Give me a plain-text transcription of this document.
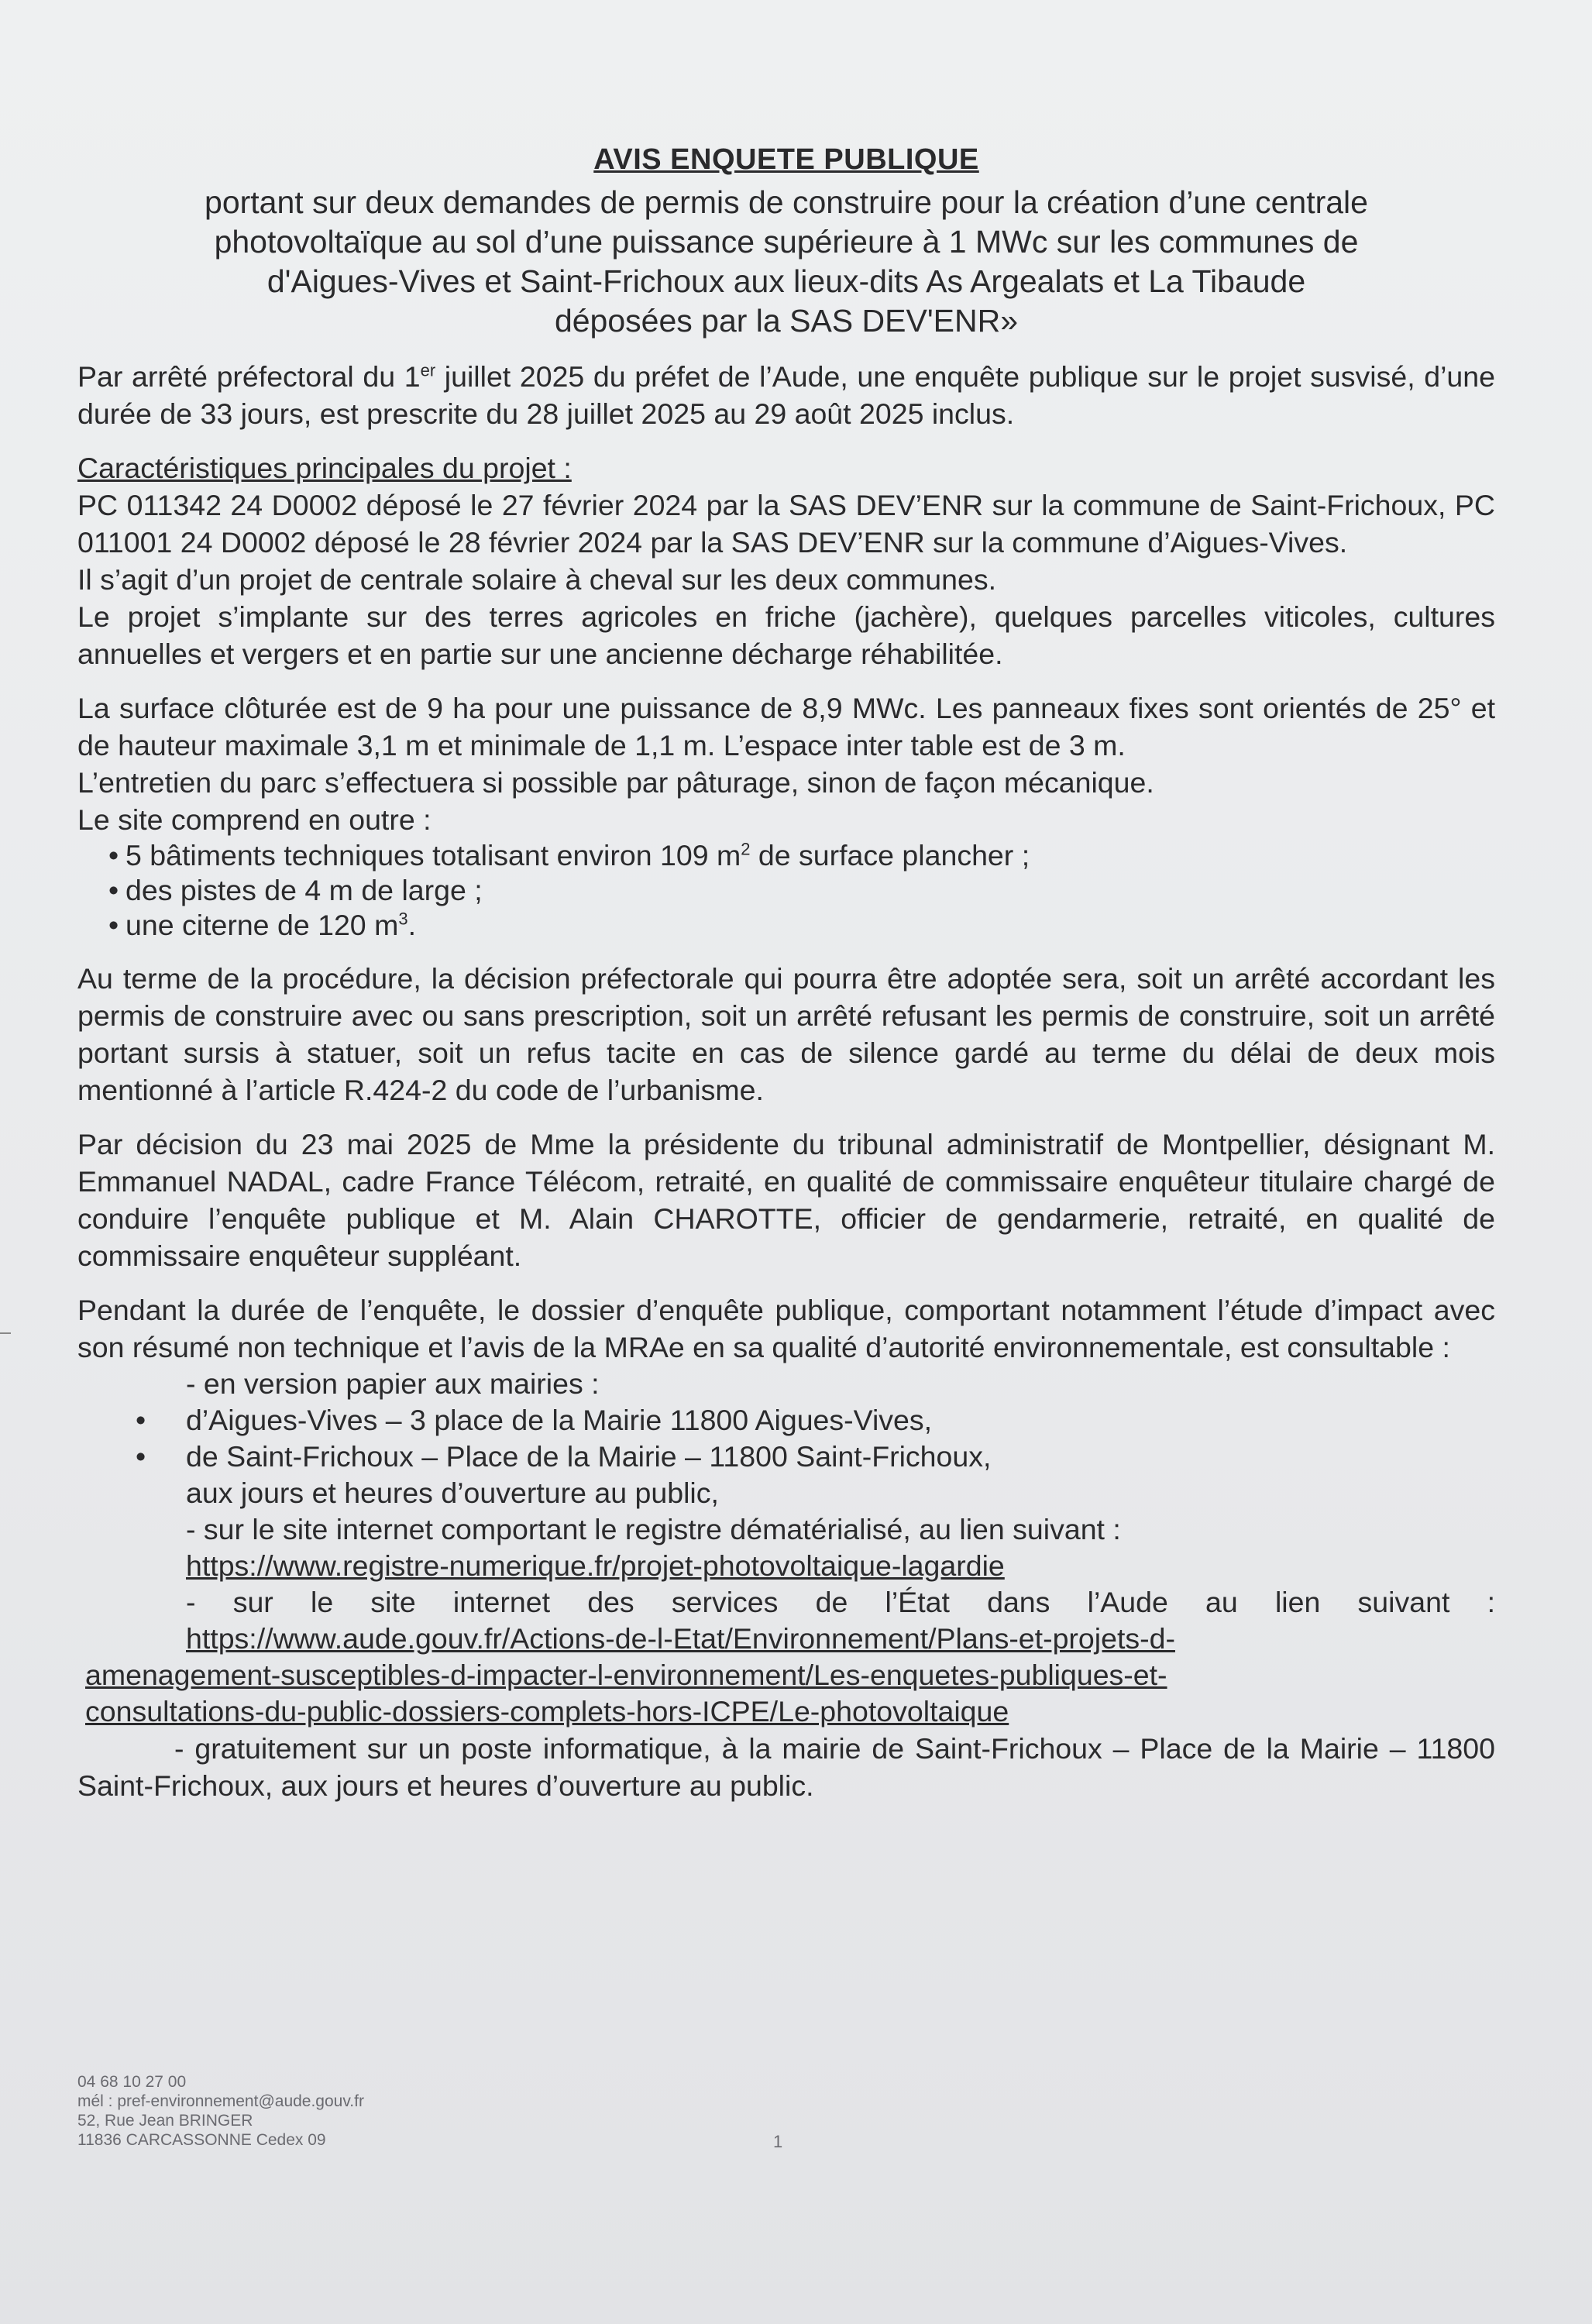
AVIS ENQUETE PUBLIQUE
portant sur deux demandes de permis de construire pour la création d’une centrale
photovoltaïque au sol d’une puissance supérieure à 1 MWc sur les communes de
d'Aigues-Vives et Saint-Frichoux aux lieux-dits As Argealats et La Tibaude
déposées par la SAS DEV'ENR»

Par arrêté préfectoral du 1er juillet 2025 du préfet de l’Aude, une enquête publique sur le projet susvisé, d’une durée de 33 jours, est prescrite du 28 juillet 2025 au 29 août 2025 inclus.

Caractéristiques principales du projet :

PC 011342 24 D0002 déposé le 27 février 2024 par la SAS DEV’ENR sur la commune de Saint-Frichoux, PC 011001 24 D0002 déposé le 28 février 2024 par la SAS DEV’ENR sur la commune d’Aigues-Vives.

Il s’agit d’un projet de centrale solaire à cheval sur les deux communes.

Le projet s’implante sur des terres agricoles en friche (jachère), quelques parcelles viticoles, cultures annuelles et vergers et en partie sur une ancienne décharge réhabilitée.

La surface clôturée est de 9 ha pour une puissance de 8,9 MWc. Les panneaux fixes sont orientés de 25° et de hauteur maximale 3,1 m et minimale de 1,1 m. L’espace inter table est de 3 m.

L’entretien du parc s’effectuera si possible par pâturage, sinon de façon mécanique.

Le site comprend en outre :

• 5 bâtiments techniques totalisant environ 109 $m^2$ de surface plancher ;
• des pistes de 4 m de large ;
• une citerne de 120 $m^3$.

Au terme de la procédure, la décision préfectorale qui pourra être adoptée sera, soit un arrêté accordant les permis de construire avec ou sans prescription, soit un arrêté refusant les permis de construire, soit un arrêté portant sursis à statuer, soit un refus tacite en cas de silence gardé au terme du délai de deux mois mentionné à l’article R.424-2 du code de l’urbanisme.

Par décision du 23 mai 2025 de Mme la présidente du tribunal administratif de Montpellier, désignant M. Emmanuel NADAL, cadre France Télécom, retraité, en qualité de commissaire enquêteur titulaire chargé de conduire l’enquête publique et M. Alain CHAROTTE, officier de gendarmerie, retraité, en qualité de commissaire enquêteur suppléant.

Pendant la durée de l’enquête, le dossier d’enquête publique, comportant notamment l’étude d’impact avec son résumé non technique et l’avis de la MRAe en sa qualité d’autorité environnementale, est consultable :

- en version papier aux mairies :
• d’Aigues-Vives – 3 place de la Mairie 11800 Aigues-Vives,
• de Saint-Frichoux – Place de la Mairie – 11800 Saint-Frichoux,
aux jours et heures d’ouverture au public,
- sur le site internet comportant le registre dématérialisé, au lien suivant :
https://www.registre-numerique.fr/projet-photovoltaique-lagardie
- sur le site internet des services de l’État dans l’Aude au lien suivant :
https://www.aude.gouv.fr/Actions-de-l-Etat/Environnement/Plans-et-projets-d-
amenagement-susceptibles-d-impacter-l-environnement/Les-enquetes-publiques-et-
consultations-du-public-dossiers-complets-hors-ICPE/Le-photovoltaique

- gratuitement sur un poste informatique, à la mairie de Saint-Frichoux – Place de la Mairie – 11800 Saint-Frichoux, aux jours et heures d’ouverture au public.

04 68 10 27 00
mél : pref-environnement@aude.gouv.fr
52, Rue Jean BRINGER
11836 CARCASSONNE Cedex 09	1
